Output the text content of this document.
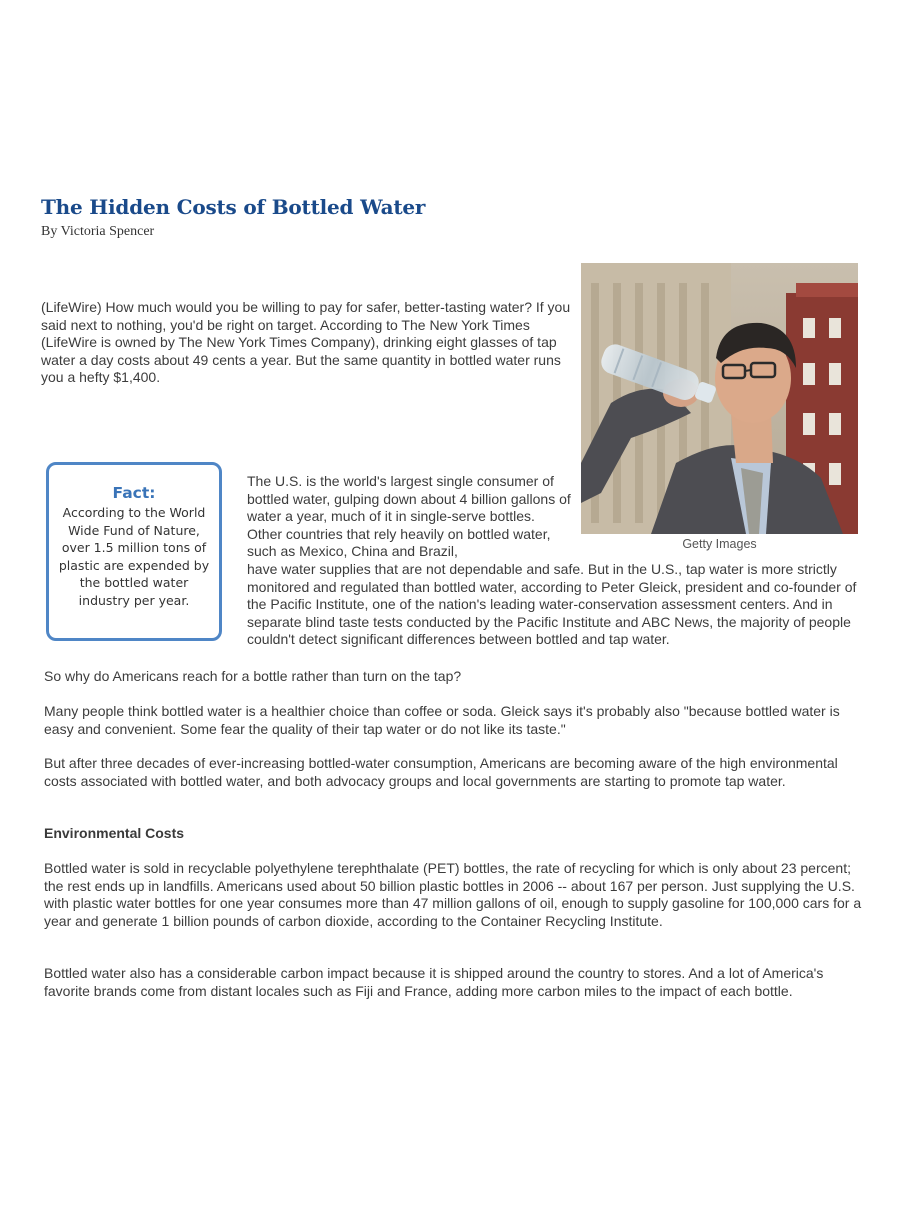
The Hidden Costs of Bottled Water
By Victoria Spencer

(LifeWire) How much would you be willing to pay for safer, better-tasting water? If you said next to nothing, you'd be right on target. According to The New York Times (LifeWire is owned by The New York Times Company), drinking eight glasses of tap water a day costs about 49 cents a year. But the same quantity in bottled water runs you a hefty $1,400.

Getty Images
Fact:
According to the World Wide Fund of Nature, over 1.5 million tons of plastic are expended by the bottled water industry per year.

The U.S. is the world's largest single consumer of bottled water, gulping down about 4 billion gallons of water a year, much of it in single-serve bottles. Other countries that rely heavily on bottled water, such as Mexico, China and Brazil,

have water supplies that are not dependable and safe. But in the U.S., tap water is more strictly monitored and regulated than bottled water, according to Peter Gleick, president and co-founder of the Pacific Institute, one of the nation's leading water-conservation assessment centers. And in separate blind taste tests conducted by the Pacific Institute and ABC News, the majority of people couldn't detect significant differences between bottled and tap water.

So why do Americans reach for a bottle rather than turn on the tap?

Many people think bottled water is a healthier choice than coffee or soda. Gleick says it's probably also "because bottled water is easy and convenient. Some fear the quality of their tap water or do not like its taste."

But after three decades of ever-increasing bottled-water consumption, Americans are becoming aware of the high environmental costs associated with bottled water, and both advocacy groups and local governments are starting to promote tap water.

Environmental Costs

Bottled water is sold in recyclable polyethylene terephthalate (PET) bottles, the rate of recycling for which is only about 23 percent; the rest ends up in landfills. Americans used about 50 billion plastic bottles in 2006 -- about 167 per person. Just supplying the U.S. with plastic water bottles for one year consumes more than 47 million gallons of oil, enough to supply gasoline for 100,000 cars for a year and generate 1 billion pounds of carbon dioxide, according to the Container Recycling Institute.

Bottled water also has a considerable carbon impact because it is shipped around the country to stores. And a lot of America's favorite brands come from distant locales such as Fiji and France, adding more carbon miles to the impact of each bottle.
